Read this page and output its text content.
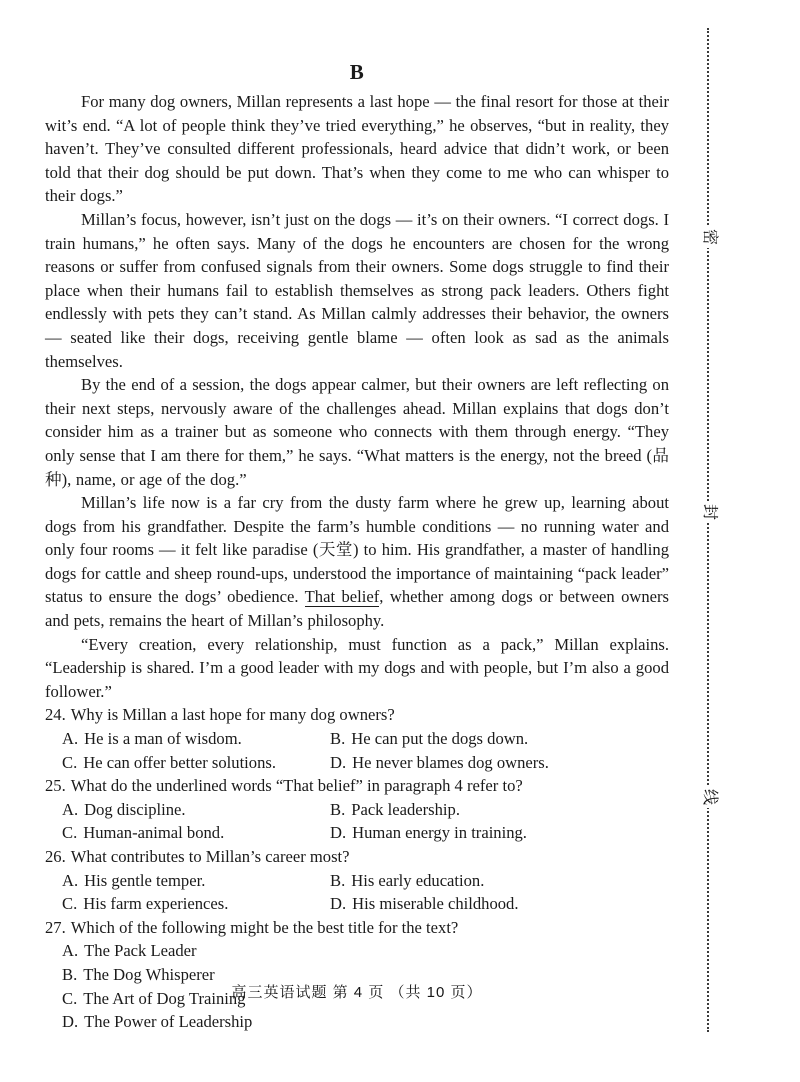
B

For many dog owners, Millan represents a last hope — the final resort for those at their wit’s end. “A lot of people think they’ve tried everything,” he observes, “but in reality, they haven’t. They’ve consulted different professionals, heard advice that didn’t work, or been told that their dog should be put down. That’s when they come to me who can whisper to their dogs.”

Millan’s focus, however, isn’t just on the dogs — it’s on their owners. “I correct dogs. I train humans,” he often says. Many of the dogs he encounters are chosen for the wrong reasons or suffer from confused signals from their owners. Some dogs struggle to find their place when their humans fail to establish themselves as strong pack leaders. Others fight endlessly with pets they can’t stand. As Millan calmly addresses their behavior, the owners — seated like their dogs, receiving gentle blame — often look as sad as the animals themselves.

By the end of a session, the dogs appear calmer, but their owners are left reflecting on their next steps, nervously aware of the challenges ahead. Millan explains that dogs don’t consider him as a trainer but as someone who connects with them through energy. “They only sense that I am there for them,” he says. “What matters is the energy, not the breed (品种), name, or age of the dog.”

Millan’s life now is a far cry from the dusty farm where he grew up, learning about dogs from his grandfather. Despite the farm’s humble conditions — no running water and only four rooms — it felt like paradise (天堂) to him. His grandfather, a master of handling dogs for cattle and sheep round-ups, understood the importance of maintaining “pack leader” status to ensure the dogs’ obedience. That belief, whether among dogs or between owners and pets, remains the heart of Millan’s philosophy.

“Every creation, every relationship, must function as a pack,” Millan explains. “Leadership is shared. I’m a good leader with my dogs and with people, but I’m also a good follower.”

24. Why is Millan a last hope for many dog owners?
A. He is a man of wisdom.	B. He can put the dogs down.
C. He can offer better solutions.	D. He never blames dog owners.
25. What do the underlined words “That belief” in paragraph 4 refer to?
A. Dog discipline.	B. Pack leadership.
C. Human-animal bond.	D. Human energy in training.
26. What contributes to Millan’s career most?
A. His gentle temper.	B. His early education.
C. His farm experiences.	D. His miserable childhood.
27. Which of the following might be the best title for the text?
A. The Pack Leader
B. The Dog Whisperer
C. The Art of Dog Training
D. The Power of Leadership
高三英语试题 第 4 页 （共 10 页）
密
封
线
